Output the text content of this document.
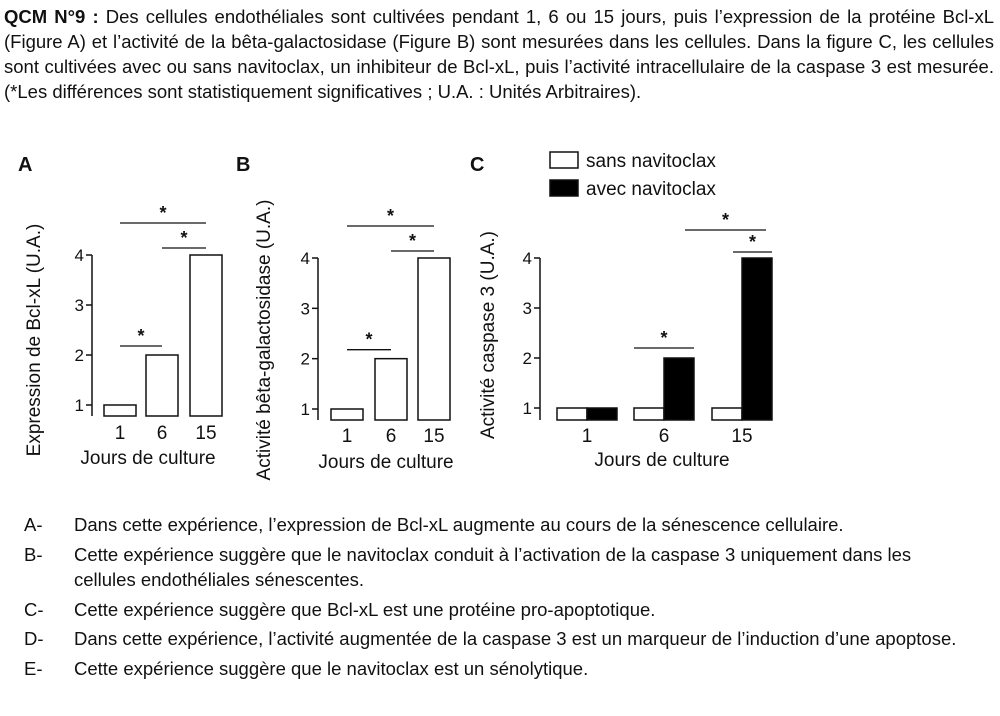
QCM N°9 : Des cellules endothéliales sont cultivées pendant 1, 6 ou 15 jours, puis l’expression de la protéine Bcl-xL (Figure A) et l’activité de la bêta-galactosidase (Figure B) sont mesurées dans les cellules. Dans la figure C, les cellules sont cultivées avec ou sans navitoclax, un inhibiteur de Bcl-xL, puis l’activité intracellulaire de la caspase 3 est mesurée. (*Les différences sont statistiquement significatives ; U.A. : Unités Arbitraires).

A	B	C
1
2
3
4
Expression de Bcl-xL (U.A.)
Jours de culture
1 6 15
*
*
*
1
2
3
4
Activité bêta-galactosidase (U.A.) Jours de culture
1 6 15
*
*
*
1
2
3
4
Activité caspase 3 (U.A.)
Jours de culture
1	6	15
*
*
*
sans navitoclax
avec navitoclax
A-	Dans cette expérience, l’expression de Bcl-xL augmente au cours de la sénescence cellulaire.
B-	Cette expérience suggère que le navitoclax conduit à l’activation de la caspase 3 uniquement dans les cellules endothéliales sénescentes.
C-	Cette expérience suggère que Bcl-xL est une protéine pro-apoptotique.
D-	Dans cette expérience, l’activité augmentée de la caspase 3 est un marqueur de l’induction d’une apoptose.
E-	Cette expérience suggère que le navitoclax est un sénolytique.
